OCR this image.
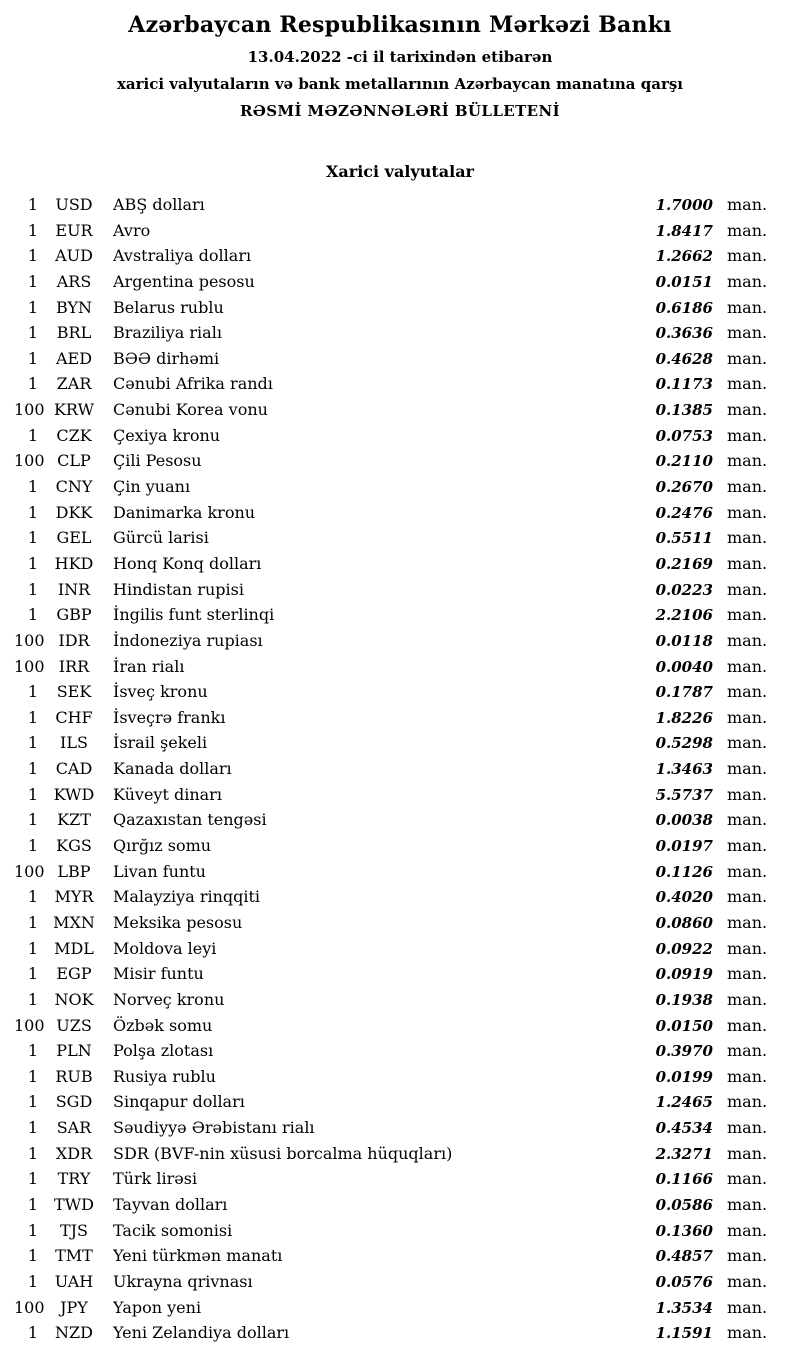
Azərbaycan Respublikasının Mərkəzi Bankı
13.04.2022 -ci il tarixindən etibarən
xarici valyutaların və bank metallarının Azərbaycan manatına qarşı
RƏSMİ MƏZƏNNƏLƏRİ BÜLLETENİ
Xarici valyutalar
1	USD	ABŞ dolları	1.7000 man.
1	EUR	Avro	1.8417 man.
1	AUD	Avstraliya dolları	1.2662 man.
1	ARS	Argentina pesosu	0.0151 man.
1	BYN	Belarus rublu	0.6186 man.
1	BRL	Braziliya rialı	0.3636 man.
1	AED	BƏƏ dirhəmi	0.4628 man.
1	ZAR	Cənubi Afrika randı	0.1173 man.
100 KRW	Cənubi Korea vonu	0.1385 man.
1	CZK	Çexiya kronu	0.0753 man.
100 CLP	Çili Pesosu	0.2110 man.
1	CNY	Çin yuanı	0.2670 man.
1	DKK	Danimarka kronu	0.2476 man.
1	GEL	Gürcü larisi	0.5511 man.
1	HKD	Honq Konq dolları	0.2169 man.
1	INR	Hindistan rupisi	0.0223 man.
1	GBP	İngilis funt sterlinqi	2.2106 man.
100 IDR	İndoneziya rupiası	0.0118 man.
100 IRR	İran rialı	0.0040 man.
1	SEK	İsveç kronu	0.1787 man.
1	CHF	İsveçrə frankı	1.8226 man.
1	ILS	İsrail şekeli	0.5298 man.
1	CAD	Kanada dolları	1.3463 man.
1 KWD	Küveyt dinarı	5.5737 man.
1	KZT	Qazaxıstan tengəsi	0.0038 man.
1	KGS	Qırğız somu	0.0197 man.
100 LBP	Livan funtu	0.1126 man.
1	MYR	Malayziya rinqqiti	0.4020 man.
1 MXN	Meksika pesosu	0.0860 man.
1	MDL	Moldova leyi	0.0922 man.
1	EGP	Misir funtu	0.0919 man.
1	NOK	Norveç kronu	0.1938 man.
100 UZS	Özbək somu	0.0150 man.
1	PLN	Polşa zlotası	0.3970 man.
1	RUB	Rusiya rublu	0.0199 man.
1	SGD	Sinqapur dolları	1.2465 man.
1	SAR	Səudiyyə Ərəbistanı rialı	0.4534 man.
1	XDR	SDR (BVF-nin xüsusi borcalma hüquqları)	2.3271 man.
1	TRY	Türk lirəsi	0.1166 man.
1	TWD	Tayvan dolları	0.0586 man.
1	TJS	Tacik somonisi	0.1360 man.
1	TMT	Yeni türkmən manatı	0.4857 man.
1	UAH	Ukrayna qrivnası	0.0576 man.
100 JPY	Yapon yeni	1.3534 man.
1	NZD	Yeni Zelandiya dolları	1.1591 man.
